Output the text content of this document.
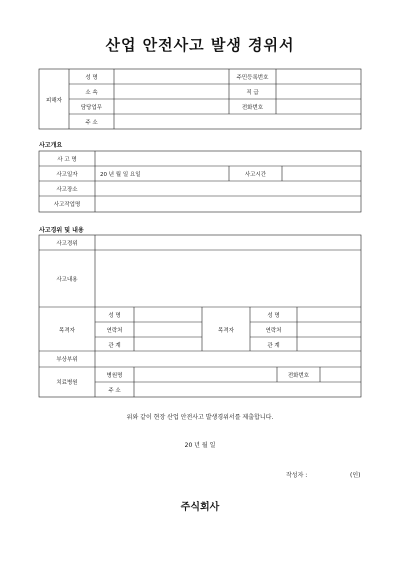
산업 안전사고 발생 경위서
피해자
성 명	주민등록번호
소 속	직 급
담당업무	전화번호
주 소
사고개요
사 고 명
사고일자	20 년 월 일 요일	사고시간
사고장소
사고작업명
사고경위 및 내용
사고경위
사고내용
목격자
성 명
연락처
관 계
목격자
성 명
연락처
관 계
부상부위
치료병원
병원명	전화번호
주 소
위와 같이 현장 산업 안전사고 발생경위서를 제출합니다.
20 년 월 일
작성자 :	(인)
주식회사
